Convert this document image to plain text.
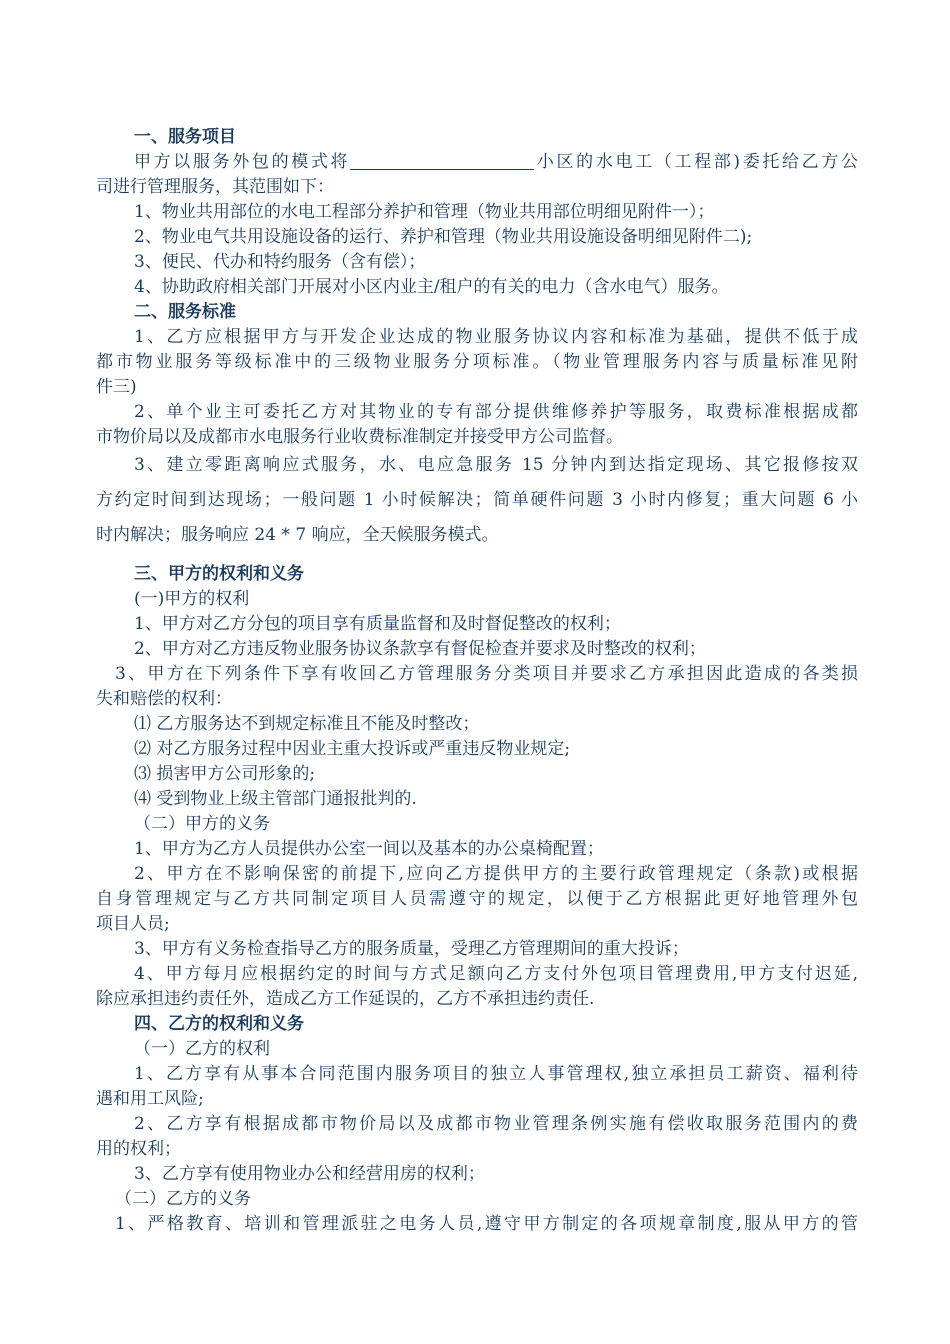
一、服务项目
甲方以服务外包的模式将	小区的水电工（工程部)委托给乙方公
司进行管理服务，其范围如下：
1、物业共用部位的水电工程部分养护和管理（物业共用部位明细见附件一）；
2、物业电气共用设施设备的运行、养护和管理（物业共用设施设备明细见附件二);
3、便民、代办和特约服务（含有偿）；
4、协助政府相关部门开展对小区内业主/租户的有关的电力（含水电气）服务。
二、服务标准
1、乙方应根据甲方与开发企业达成的物业服务协议内容和标准为基础，提供不低于成
都市物业服务等级标准中的三级物业服务分项标准。（物业管理服务内容与质量标准见附
件三)
2、单个业主可委托乙方对其物业的专有部分提供维修养护等服务，取费标准根据成都
市物价局以及成都市水电服务行业收费标准制定并接受甲方公司监督。
3、建立零距离响应式服务，水、电应急服务 15 分钟内到达指定现场、其它报修按双
方约定时间到达现场；一般问题 1 小时候解决；简单硬件问题 3 小时内修复；重大问题 6 小
时内解决；服务响应 24 * 7 响应，全天候服务模式。
三、甲方的权利和义务
(一)甲方的权利
1、甲方对乙方分包的项目享有质量监督和及时督促整改的权利；
2、甲方对乙方违反物业服务协议条款享有督促检查并要求及时整改的权利；
3、甲方在下列条件下享有收回乙方管理服务分类项目并要求乙方承担因此造成的各类损
失和赔偿的权利：
⑴ 乙方服务达不到规定标准且不能及时整改；
⑵ 对乙方服务过程中因业主重大投诉或严重违反物业规定;
⑶ 损害甲方公司形象的;
⑷ 受到物业上级主管部门通报批判的.
（二）甲方的义务
1、甲方为乙方人员提供办公室一间以及基本的办公桌椅配置；
2、甲方在不影响保密的前提下,应向乙方提供甲方的主要行政管理规定（条款)或根据
自身管理规定与乙方共同制定项目人员需遵守的规定，以便于乙方根据此更好地管理外包
项目人员;
3、甲方有义务检查指导乙方的服务质量，受理乙方管理期间的重大投诉；
4、甲方每月应根据约定的时间与方式足额向乙方支付外包项目管理费用,甲方支付迟延,
除应承担违约责任外，造成乙方工作延误的，乙方不承担违约责任.
四、乙方的权利和义务
（一）乙方的权利
1、乙方享有从事本合同范围内服务项目的独立人事管理权,独立承担员工薪资、福利待
遇和用工风险;
2、乙方享有根据成都市物价局以及成都市物业管理条例实施有偿收取服务范围内的费
用的权利；
3、乙方享有使用物业办公和经营用房的权利；
（二）乙方的义务
1、严格教育、培训和管理派驻之电务人员,遵守甲方制定的各项规章制度,服从甲方的管
